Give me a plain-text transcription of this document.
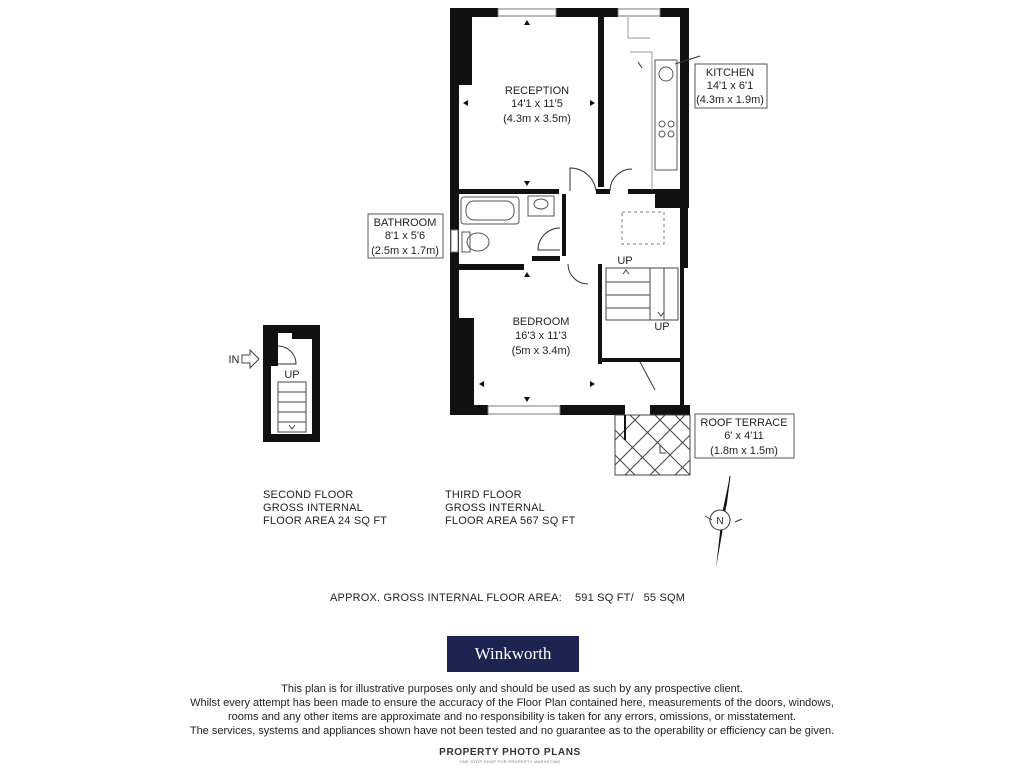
RECEPTION
14'1 x 11'5
(4.3m x 3.5m)
BEDROOM
16'3 x 11'3
(5m x 3.4m)
UP
UP
UP
IN
N
KITCHEN
14'1 x 6'1
(4.3m x 1.9m)
BATHROOM
8'1 x 5'6
(2.5m x 1.7m)
ROOF TERRACE
6' x 4'11
(1.8m x 1.5m)
SECOND FLOOR
GROSS INTERNAL
FLOOR AREA 24 SQ FT
THIRD FLOOR
GROSS INTERNAL
FLOOR AREA 567 SQ FT
APPROX. GROSS INTERNAL FLOOR AREA:    591 SQ FT/   55 SQM
Winkworth
This plan is for illustrative purposes only and should be used as such by any prospective client.
Whilst every attempt has been made to ensure the accuracy of the Floor Plan contained here, measurements of the doors, windows,
rooms and any other items are approximate and no responsibility is taken for any errors, omissions, or misstatement.
The services, systems and appliances shown have not been tested and no guarantee as to the operability or efficiency can be given.
PROPERTY PHOTO PLANS
ONE STOP SHOP FOR PROPERTY MARKETING
